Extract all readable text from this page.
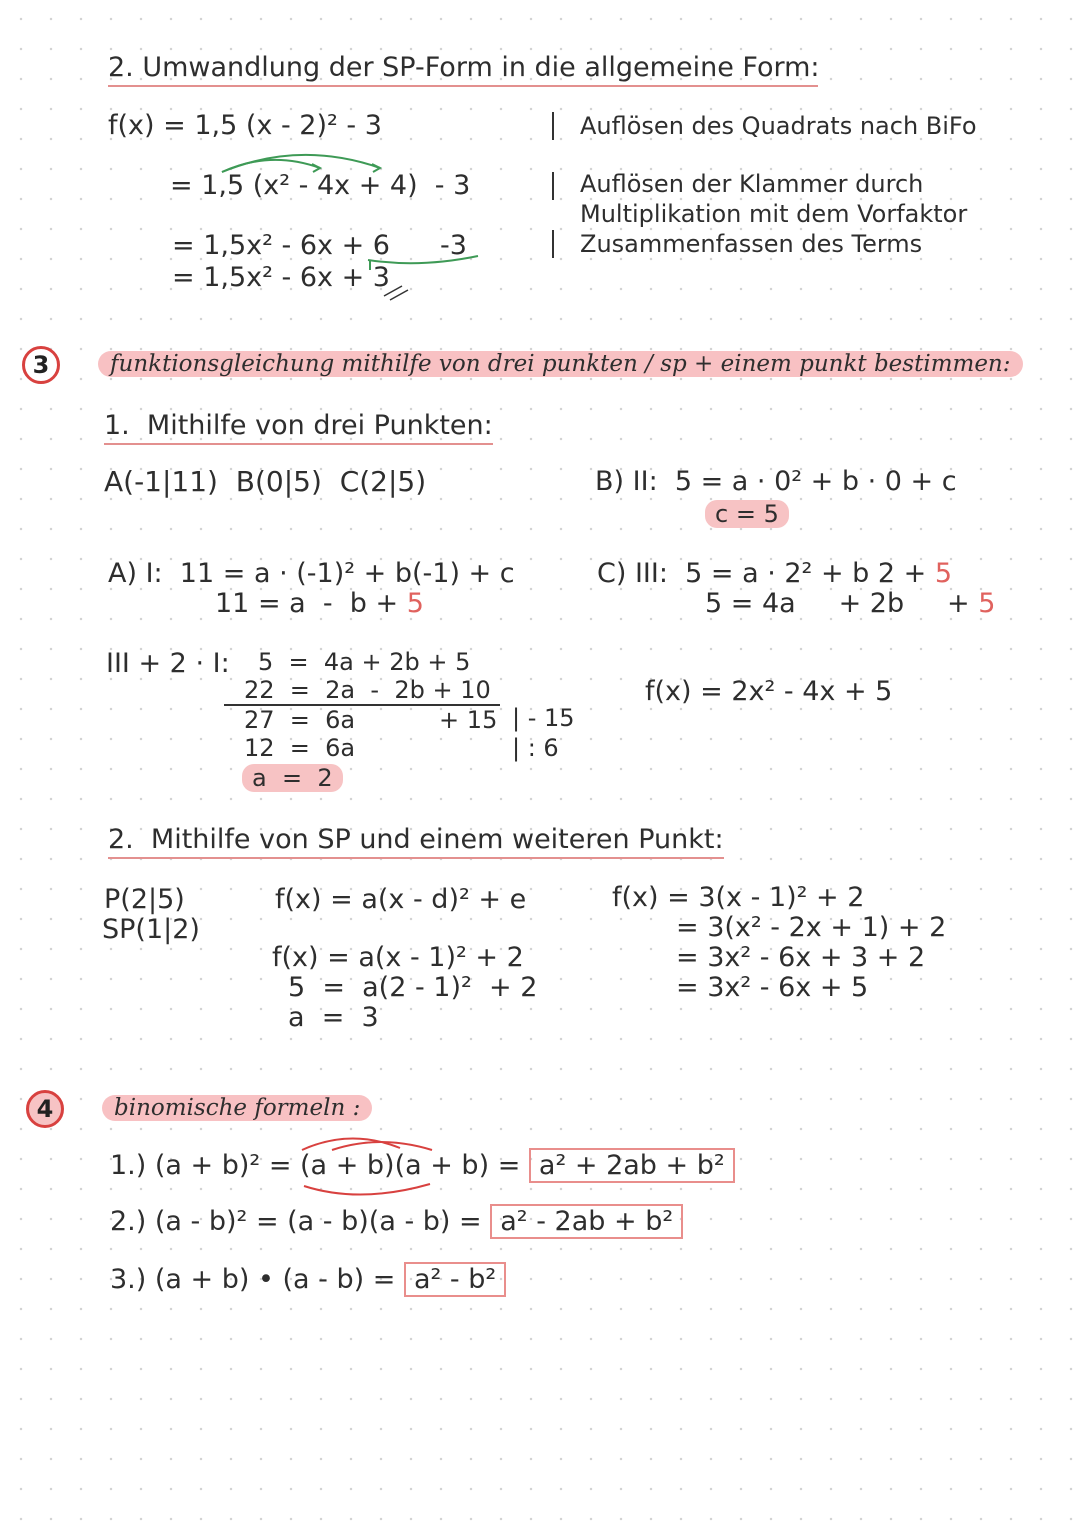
2. Umwandlung der SP-Form in die allgemeine Form:
f(x) = 1,5 (x - 2)² - 3	Auflösen des Quadrats nach BiFo
= 1,5 (x² - 4x + 4)  - 3	Auflösen der Klammer durch
Multiplikation mit dem Vorfaktor
Zusammenfassen des Terms
= 1,5x² - 6x + 6 -3
= 1,5x² - 6x + 3
3	funktionsgleichung mithilfe von drei punkten / sp + einem punkt bestimmen:
1.  Mithilfe von drei Punkten:
A(-1|11)  B(0|5)  C(2|5)	B) II:  5 = a · 0² + b · 0 + c
c = 5
A) I:  11 = a · (-1)² + b(-1) + c
11 = a  -  b + 5
C) III:  5 = a · 2² + b 2 + 5
5 = 4a     + 2b     + 5
III + 2 · I: 5  =  4a + 2b + 5
22  =  2a  -  2b + 10
27  =  6a           + 15
12  =  6a
a  =  2
| - 15
| : 6
f(x) = 2x² - 4x + 5
2.  Mithilfe von SP und einem weiteren Punkt:
P(2|5)
SP(1|2)
f(x) = a(x - d)² + e
f(x) = a(x - 1)² + 2
5  =  a(2 - 1)²  + 2
a  =  3
f(x) = 3(x - 1)² + 2
= 3(x² - 2x + 1) + 2
= 3x² - 6x + 3 + 2
= 3x² - 6x + 5
4	binomische formeln :
1.) (a + b)² = (a + b)(a + b) = a² + 2ab + b²
2.) (a - b)² = (a - b)(a - b) = a² - 2ab + b²
3.) (a + b) • (a - b) = a² - b²
